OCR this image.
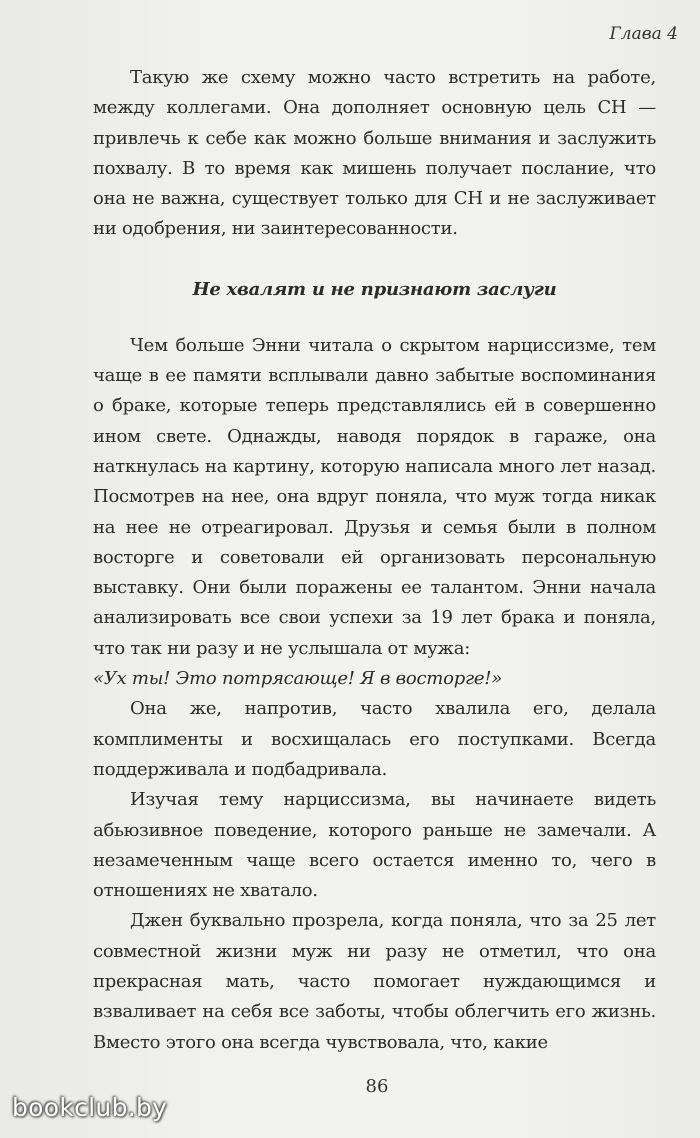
Глава 4

Такую же схему можно часто встретить на работе, между коллегами. Она дополняет основную цель СН — привлечь к себе как можно больше внимания и заслужить похвалу. В то время как мишень получает послание, что она не важна, существует только для СН и не заслуживает ни одобрения, ни заинтересованности.

Не хвалят и не признают заслуги

Чем больше Энни читала о скрытом нарциссизме, тем чаще в ее памяти всплывали давно забытые воспоминания о браке, которые теперь представлялись ей в совершенно ином свете. Однажды, наводя порядок в гараже, она наткнулась на картину, которую написала много лет назад. Посмотрев на нее, она вдруг поняла, что муж тогда никак на нее не отреагировал. Друзья и семья были в полном восторге и советовали ей организовать персональную выставку. Они были поражены ее талантом. Энни начала анализировать все свои успехи за 19 лет брака и поняла, что так ни разу и не услышала от мужа:

«Ух ты! Это потрясающе! Я в восторге!»

Она же, напротив, часто хвалила его, делала комплименты и восхищалась его поступками. Всегда поддерживала и подбадривала.

Изучая тему нарциссизма, вы начинаете видеть абьюзивное поведение, которого раньше не замечали. А незамеченным чаще всего остается именно то, чего в отношениях не хватало.

Джен буквально прозрела, когда поняла, что за 25 лет совместной жизни муж ни разу не отметил, что она прекрасная мать, часто помогает нуждающимся и взваливает на себя все заботы, чтобы облегчить его жизнь. Вместо этого она всегда чувствовала, что, какие

86
bookclub.by
